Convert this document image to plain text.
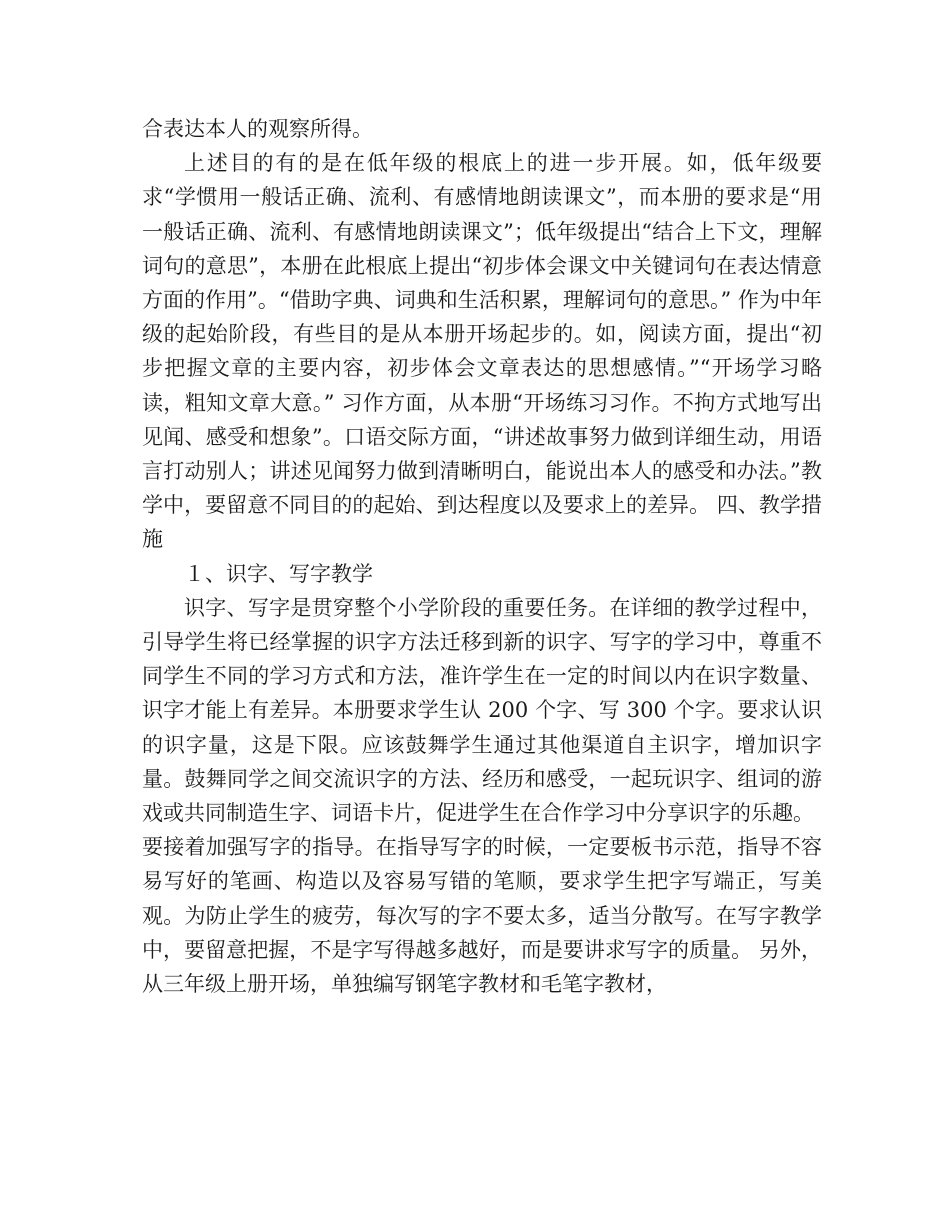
合表达本人的观察所得。

上述目的有的是在低年级的根底上的进一步开展。如，低年级要求“学惯用一般话正确、流利、有感情地朗读课文”，而本册的要求是“用一般话正确、流利、有感情地朗读课文”；低年级提出“结合上下文，理解词句的意思”，本册在此根底上提出“初步体会课文中关键词句在表达情意方面的作用”。“借助字典、词典和生活积累，理解词句的意思。” 作为中年级的起始阶段，有些目的是从本册开场起步的。如，阅读方面，提出“初步把握文章的主要内容，初步体会文章表达的思想感情。”“开场学习略读，粗知文章大意。” 习作方面，从本册“开场练习习作。不拘方式地写出见闻、感受和想象”。口语交际方面，“讲述故事努力做到详细生动，用语言打动别人；讲述见闻努力做到清晰明白，能说出本人的感受和办法。”教学中，要留意不同目的的起始、到达程度以及要求上的差异。 四、教学措施

１、识字、写字教学

识字、写字是贯穿整个小学阶段的重要任务。在详细的教学过程中，引导学生将已经掌握的识字方法迁移到新的识字、写字的学习中，尊重不同学生不同的学习方式和方法，准许学生在一定的时间以内在识字数量、识字才能上有差异。本册要求学生认 200 个字、写 300 个字。要求认识的识字量，这是下限。应该鼓舞学生通过其他渠道自主识字，增加识字量。鼓舞同学之间交流识字的方法、经历和感受，一起玩识字、组词的游戏或共同制造生字、词语卡片，促进学生在合作学习中分享识字的乐趣。

要接着加强写字的指导。在指导写字的时候，一定要板书示范，指导不容易写好的笔画、构造以及容易写错的笔顺，要求学生把字写端正，写美观。为防止学生的疲劳，每次写的字不要太多，适当分散写。在写字教学中，要留意把握，不是字写得越多越好，而是要讲求写字的质量。 另外，从三年级上册开场，单独编写钢笔字教材和毛笔字教材，
